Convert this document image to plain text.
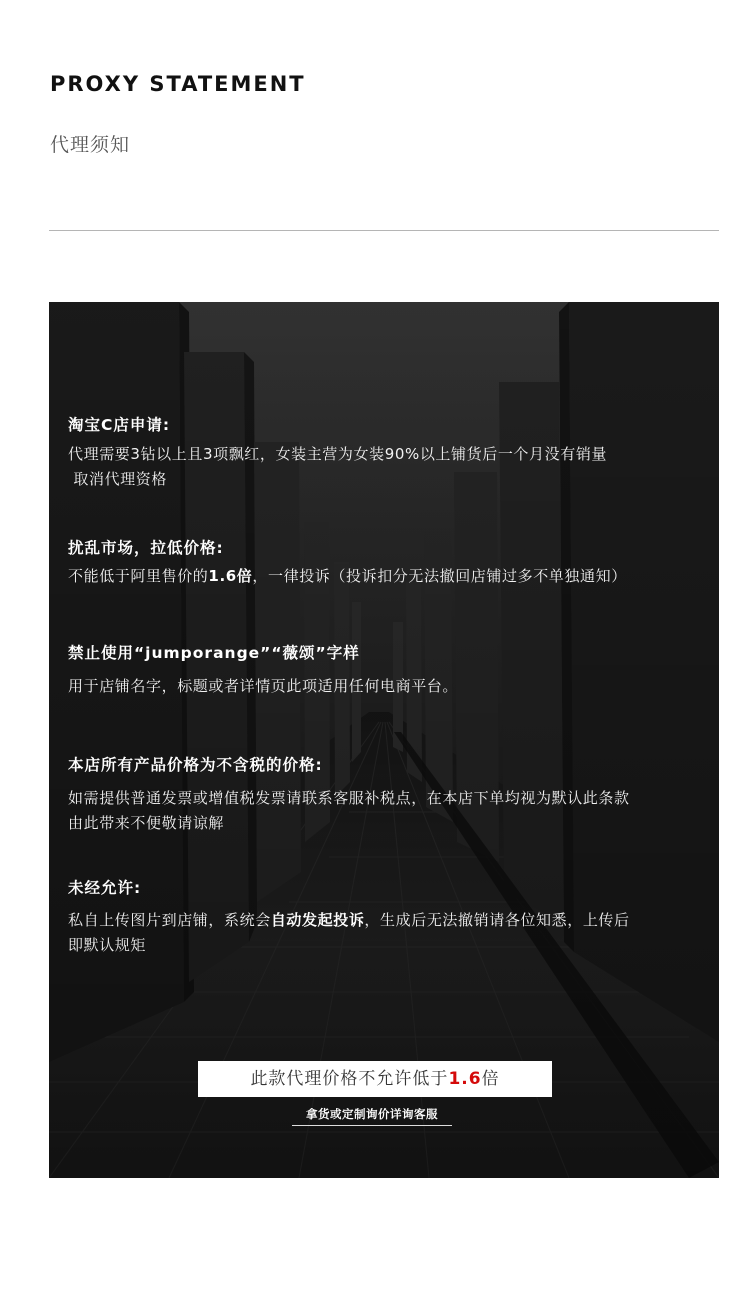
PROXY STATEMENT
代理须知
淘宝C店申请:
代理需要3钻以上且3项飘红，女装主营为女装90%以上铺货后一个月没有销量
取消代理资格
扰乱市场，拉低价格:
不能低于阿里售价的1.6倍，一律投诉（投诉扣分无法撤回店铺过多不单独通知）
禁止使用“jumporange”“薇颂”字样
用于店铺名字，标题或者详情页此项适用任何电商平台。
本店所有产品价格为不含税的价格:
如需提供普通发票或增值税发票请联系客服补税点，在本店下单均视为默认此条款
由此带来不便敬请谅解
未经允许:
私自上传图片到店铺，系统会自动发起投诉，生成后无法撤销请各位知悉，上传后
即默认规矩
此款代理价格不允许低于1.6倍
拿货或定制询价详询客服
